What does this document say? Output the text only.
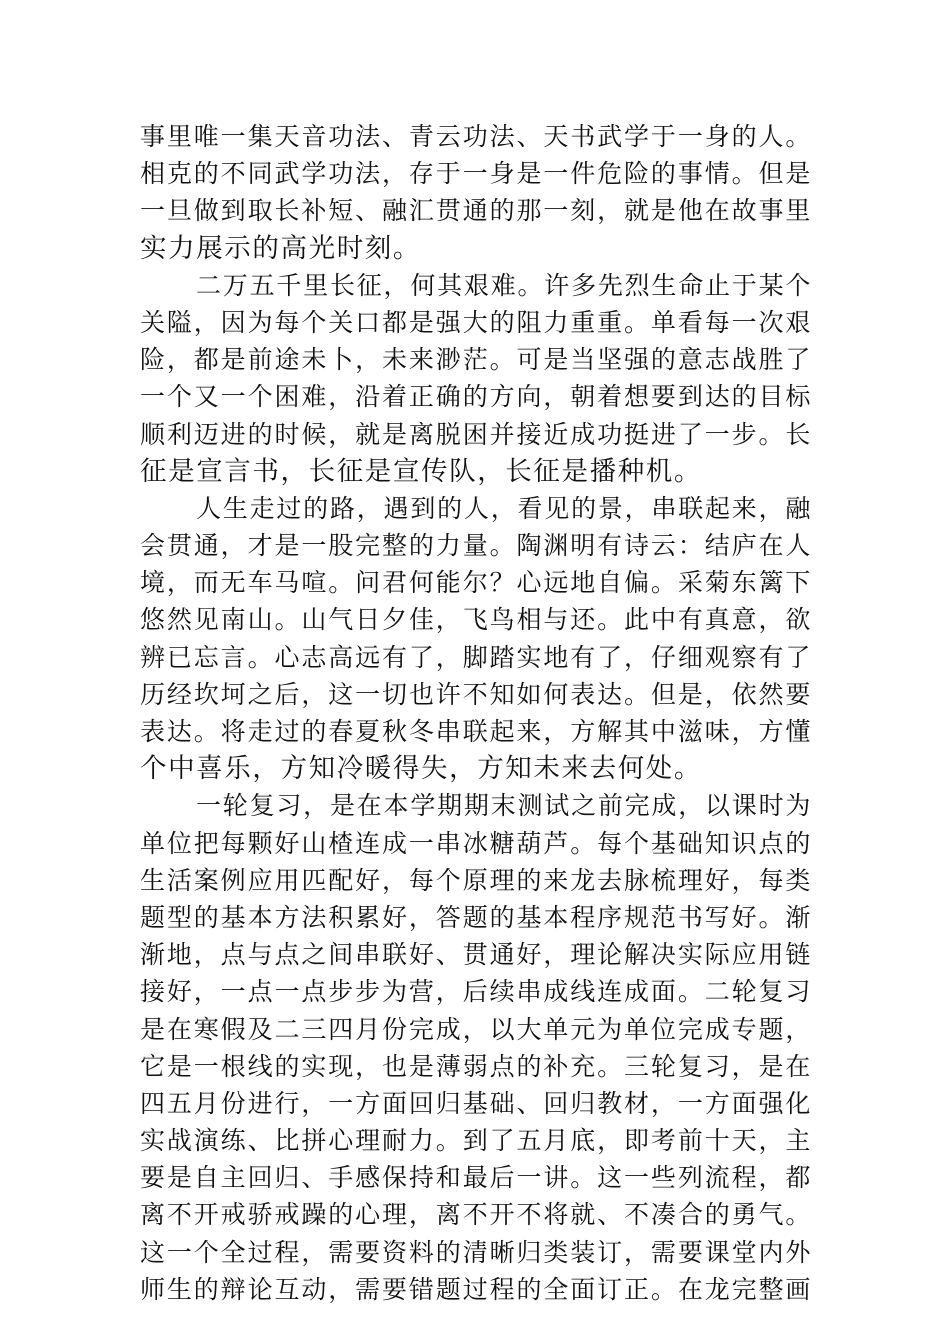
事里唯一集天音功法、青云功法、天书武学于一身的人。
相克的不同武学功法，存于一身是一件危险的事情。但是
一旦做到取长补短、融汇贯通的那一刻，就是他在故事里
实力展示的高光时刻。
二万五千里长征，何其艰难。许多先烈生命止于某个
关隘，因为每个关口都是强大的阻力重重。单看每一次艰
险，都是前途未卜，未来渺茫。可是当坚强的意志战胜了
一个又一个困难，沿着正确的方向，朝着想要到达的目标
顺利迈进的时候，就是离脱困并接近成功挺进了一步。长
征是宣言书，长征是宣传队，长征是播种机。
人生走过的路，遇到的人，看见的景，串联起来，融
会贯通，才是一股完整的力量。陶渊明有诗云：结庐在人
境，而无车马喧。问君何能尔？心远地自偏。采菊东篱下
悠然见南山。山气日夕佳，飞鸟相与还。此中有真意，欲
辨已忘言。心志高远有了，脚踏实地有了，仔细观察有了
历经坎坷之后，这一切也许不知如何表达。但是，依然要
表达。将走过的春夏秋冬串联起来，方解其中滋味，方懂
个中喜乐，方知冷暖得失，方知未来去何处。
一轮复习，是在本学期期末测试之前完成，以课时为
单位把每颗好山楂连成一串冰糖葫芦。每个基础知识点的
生活案例应用匹配好，每个原理的来龙去脉梳理好，每类
题型的基本方法积累好，答题的基本程序规范书写好。渐
渐地，点与点之间串联好、贯通好，理论解决实际应用链
接好，一点一点步步为营，后续串成线连成面。二轮复习
是在寒假及二三四月份完成，以大单元为单位完成专题，
它是一根线的实现，也是薄弱点的补充。三轮复习，是在
四五月份进行，一方面回归基础、回归教材，一方面强化
实战演练、比拼心理耐力。到了五月底，即考前十天，主
要是自主回归、手感保持和最后一讲。这一些列流程，都
离不开戒骄戒躁的心理，离不开不将就、不凑合的勇气。
这一个全过程，需要资料的清晰归类装订，需要课堂内外
师生的辩论互动，需要错题过程的全面订正。在龙完整画
